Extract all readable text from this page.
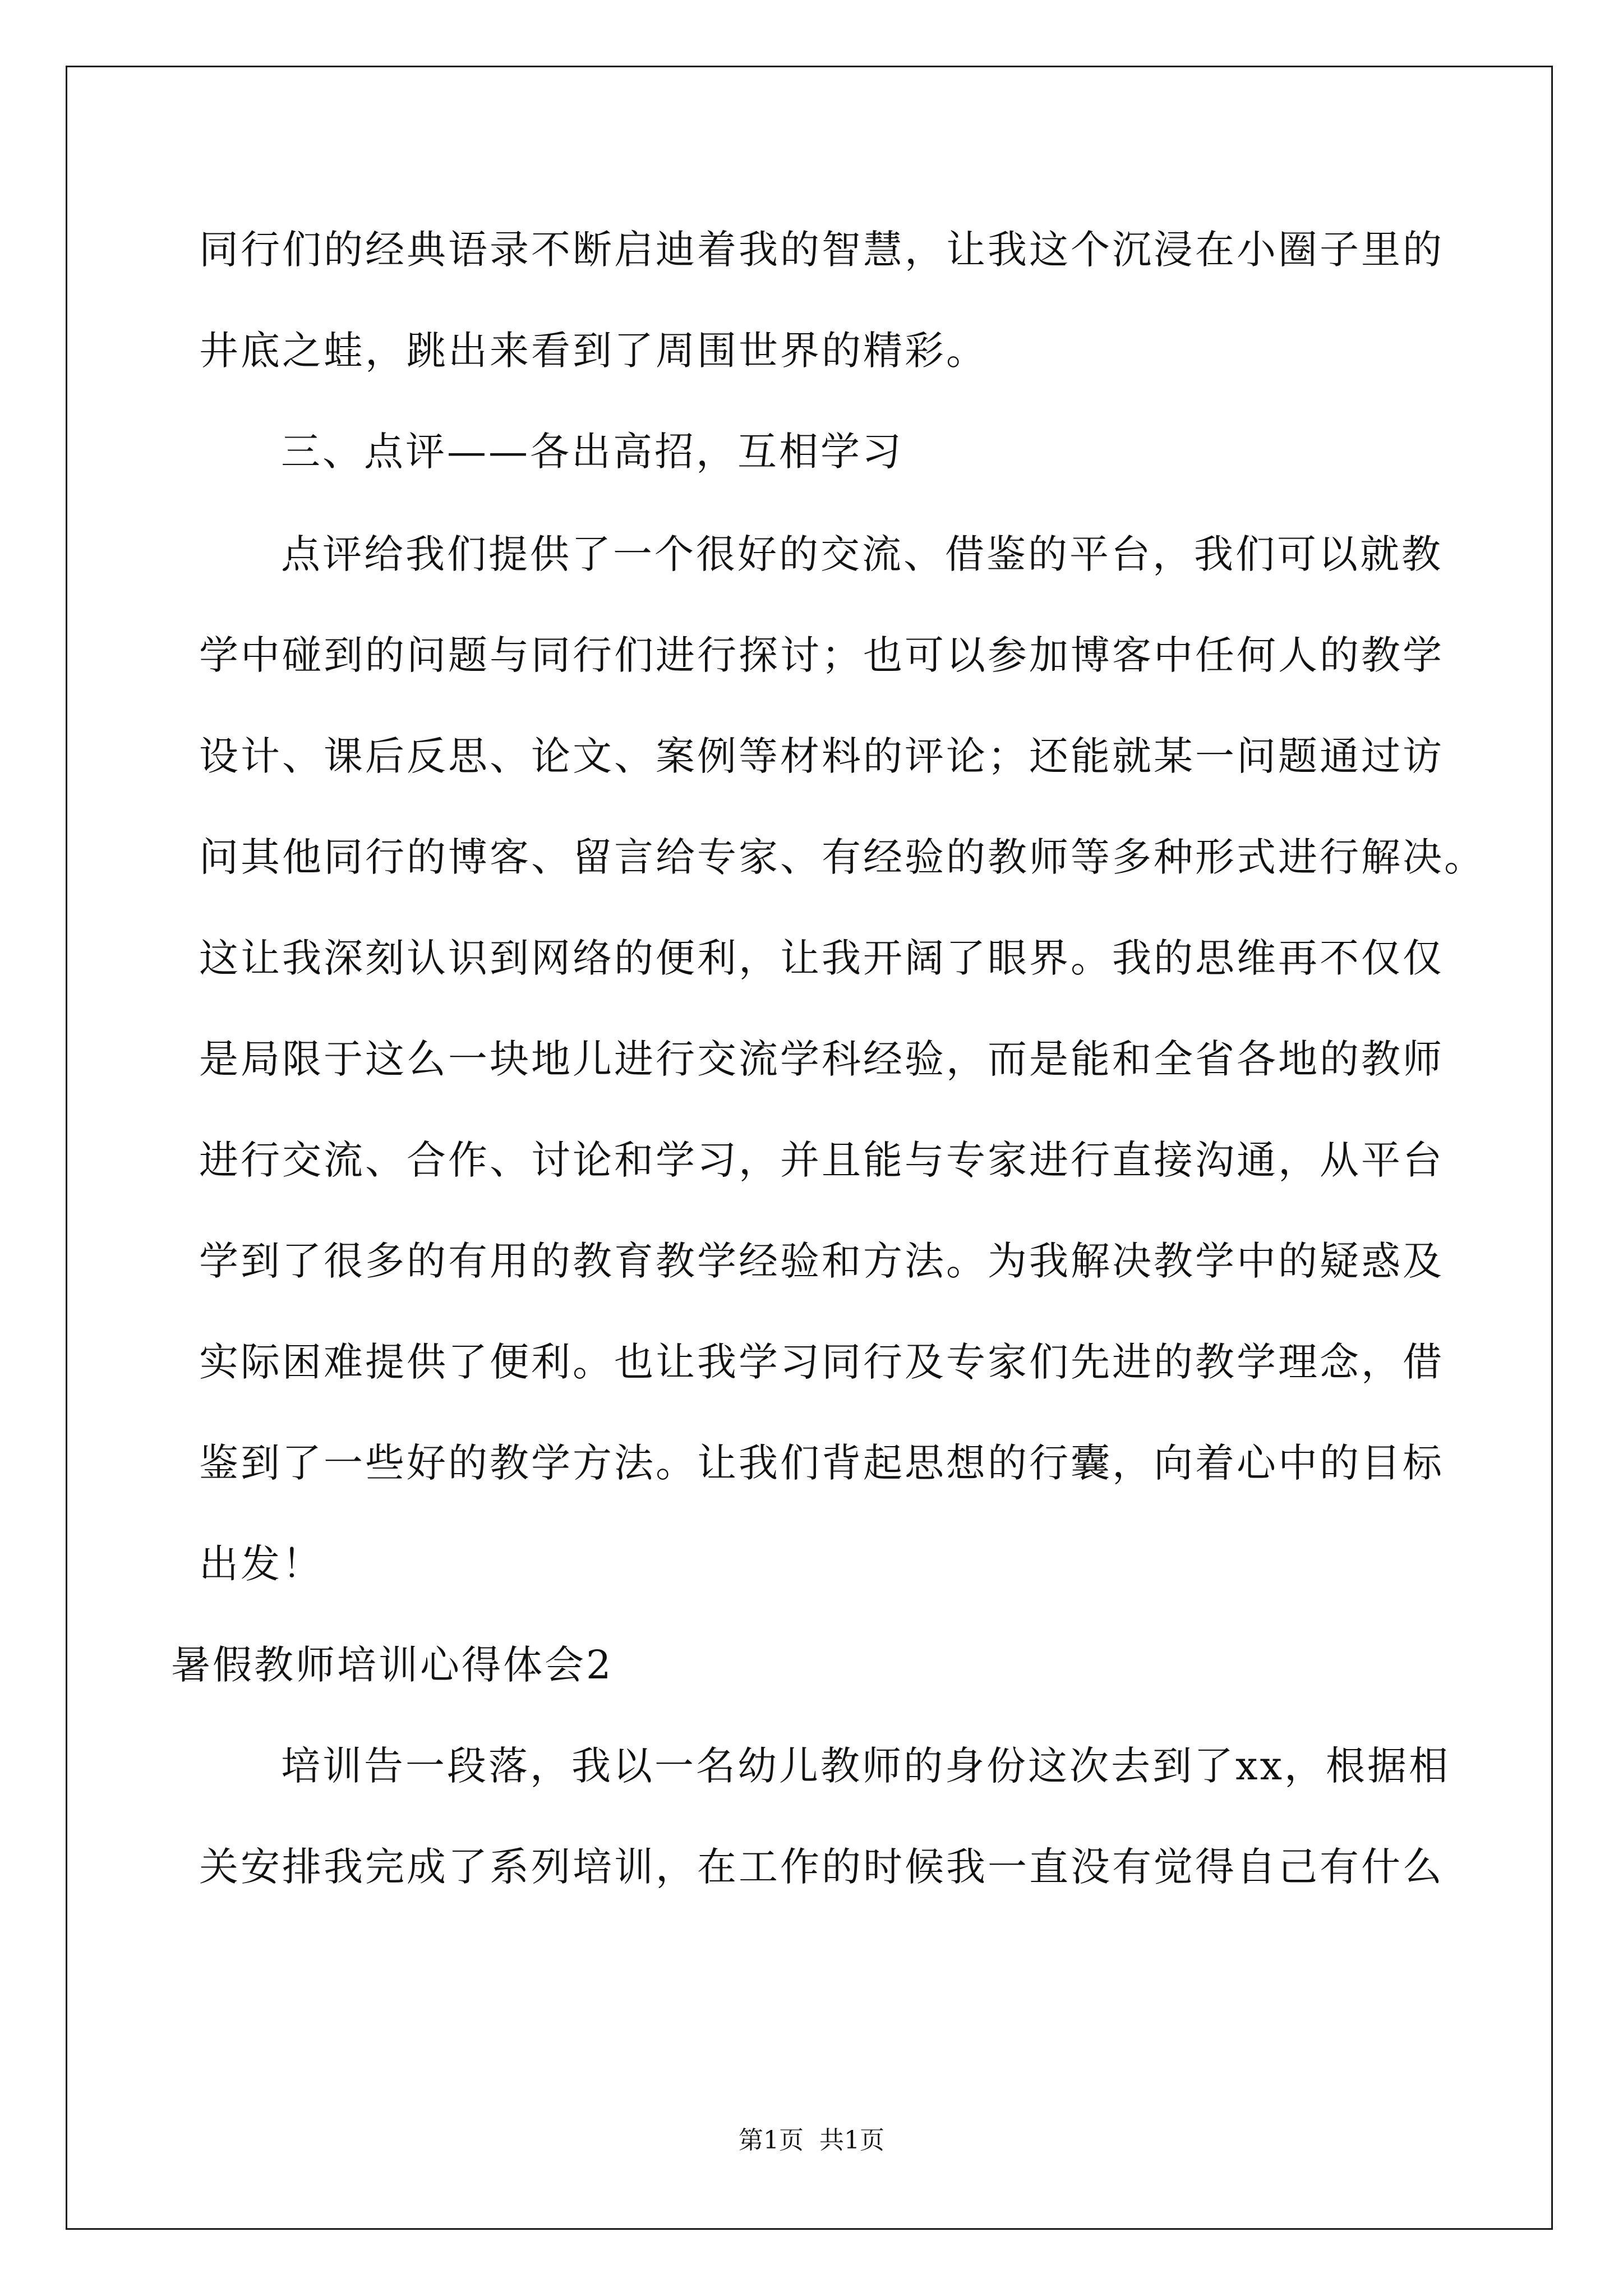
同行们的经典语录不断启迪着我的智慧，让我这个沉浸在小圈子里的
井底之蛙，跳出来看到了周围世界的精彩。
三、点评——各出高招，互相学习
点评给我们提供了一个很好的交流、借鉴的平台，我们可以就教
学中碰到的问题与同行们进行探讨；也可以参加博客中任何人的教学
设计、课后反思、论文、案例等材料的评论；还能就某一问题通过访
问其他同行的博客、留言给专家、有经验的教师等多种形式进行解决。
这让我深刻认识到网络的便利，让我开阔了眼界。我的思维再不仅仅
是局限于这么一块地儿进行交流学科经验，而是能和全省各地的教师
进行交流、合作、讨论和学习，并且能与专家进行直接沟通，从平台
学到了很多的有用的教育教学经验和方法。为我解决教学中的疑惑及
实际困难提供了便利。也让我学习同行及专家们先进的教学理念，借
鉴到了一些好的教学方法。让我们背起思想的行囊，向着心中的目标
出发！
暑假教师培训心得体会2
培训告一段落，我以一名幼儿教师的身份这次去到了xx，根据相
关安排我完成了系列培训，在工作的时候我一直没有觉得自己有什么
第1页 共1页
